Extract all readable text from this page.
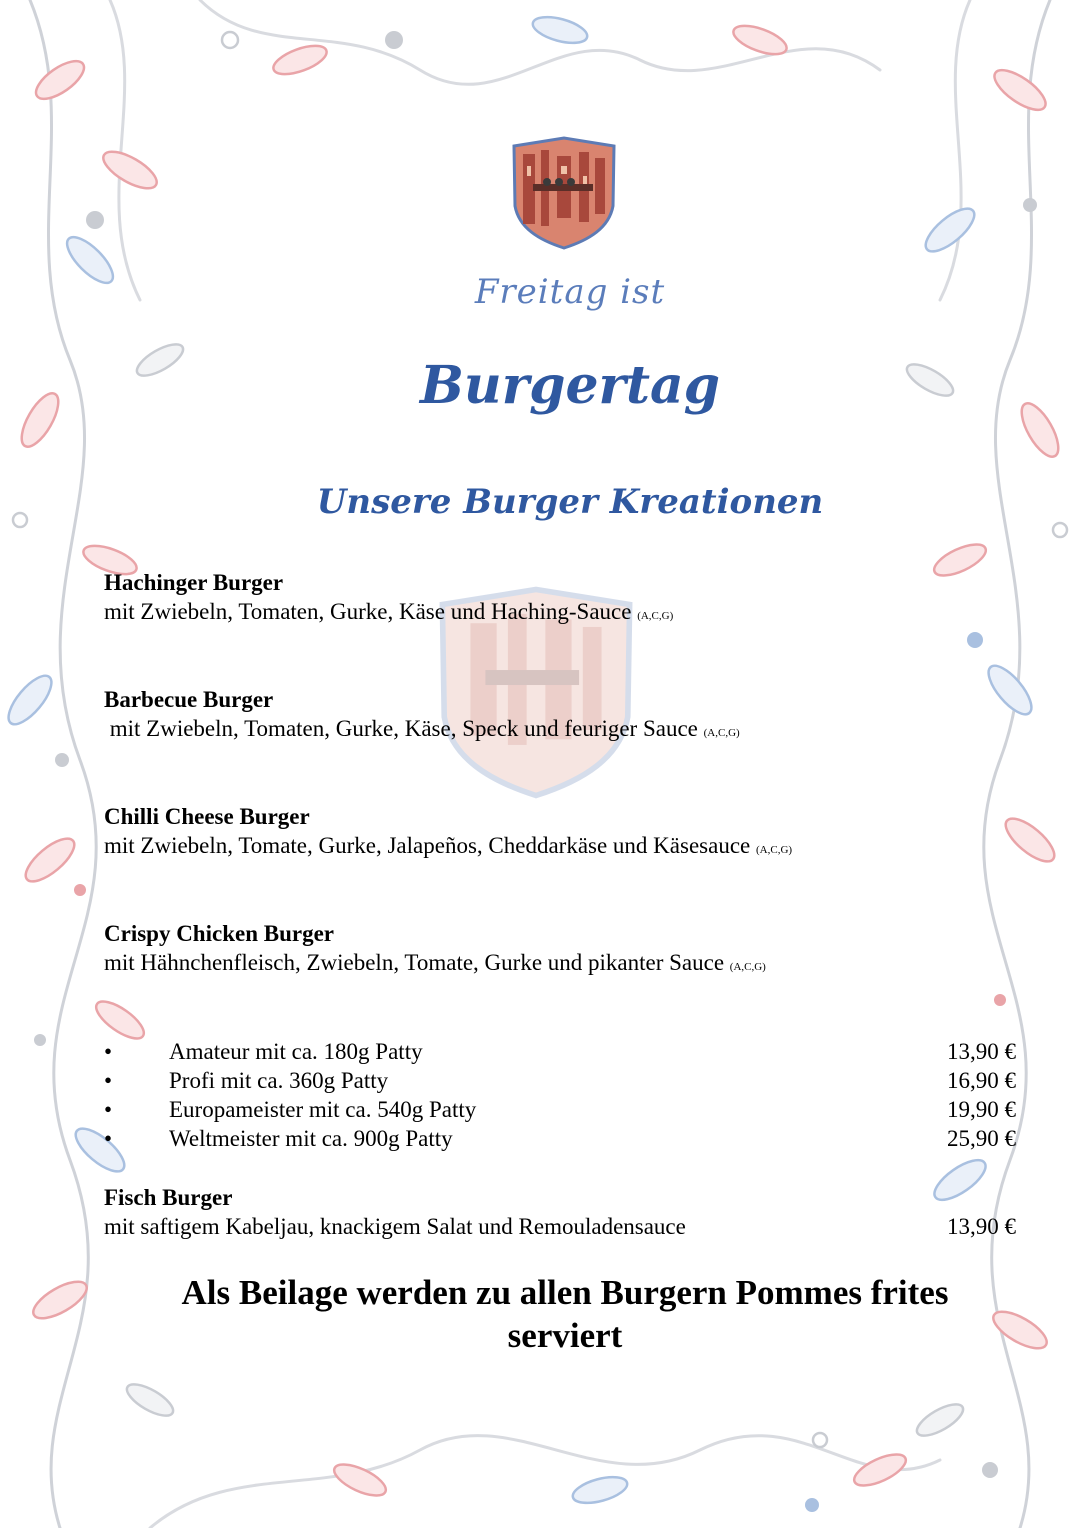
Freitag ist
Burgertag
Unsere Burger Kreationen
Hachinger Burger
mit Zwiebeln, Tomaten, Gurke, Käse und Haching-Sauce (A,C,G)
Barbecue Burger
mit Zwiebeln, Tomaten, Gurke, Käse, Speck und feuriger Sauce (A,C,G)
Chilli Cheese Burger
mit Zwiebeln, Tomate, Gurke, Jalapeños, Cheddarkäse und Käsesauce (A,C,G)
Crispy Chicken Burger
mit Hähnchenfleisch, Zwiebeln, Tomate, Gurke und pikanter Sauce (A,C,G)
•	Amateur mit ca. 180g Patty	13,90 €
•	Profi mit ca. 360g Patty	16,90 €
•	Europameister mit ca. 540g Patty	19,90 €
•	Weltmeister mit ca. 900g Patty	25,90 €
Fisch Burger
mit saftigem Kabeljau, knackigem Salat und Remouladensauce	13,90 €
Als Beilage werden zu allen Burgern Pommes frites
serviert
